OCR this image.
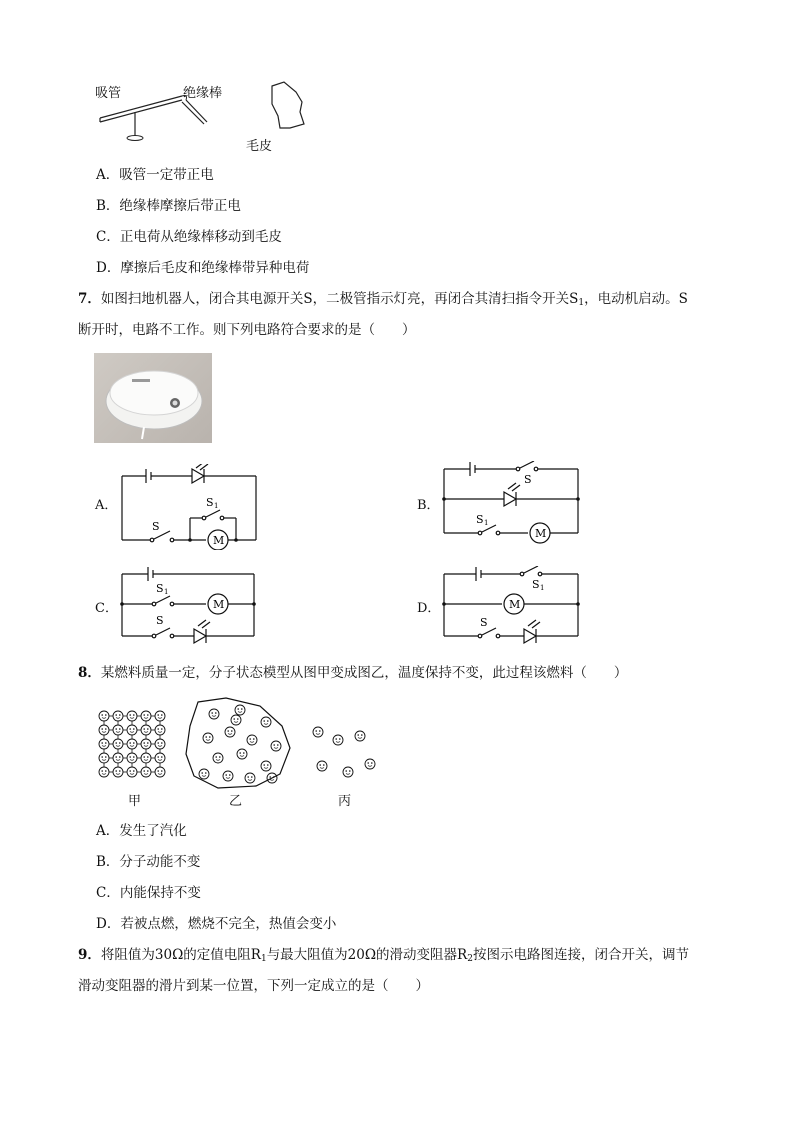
吸管	绝缘棒
毛皮
A．吸管一定带正电
B．绝缘棒摩擦后带正电
C．正电荷从绝缘棒移动到毛皮
D．摩擦后毛皮和绝缘棒带异种电荷
7．如图扫地机器人，闭合其电源开关S，二极管指示灯亮，再闭合其清扫指令开关$S_1$，电动机启动。S
断开时，电路不工作。则下列电路符合要求的是（　　）
A．	B．
C．	D．
M
S
S 1
M
S
S 1
M
S 1
S
M
S 1
S
8．某燃料质量一定，分子状态模型从图甲变成图乙，温度保持不变，此过程该燃料（　　）
甲	乙	丙
A．发生了汽化
B．分子动能不变
C．内能保持不变
D．若被点燃，燃烧不完全，热值会变小
9．将阻值为30Ω的定值电阻$R_1$与最大阻值为20Ω的滑动变阻器$R_2$按图示电路图连接，闭合开关，调节
滑动变阻器的滑片到某一位置，下列一定成立的是（　　）
